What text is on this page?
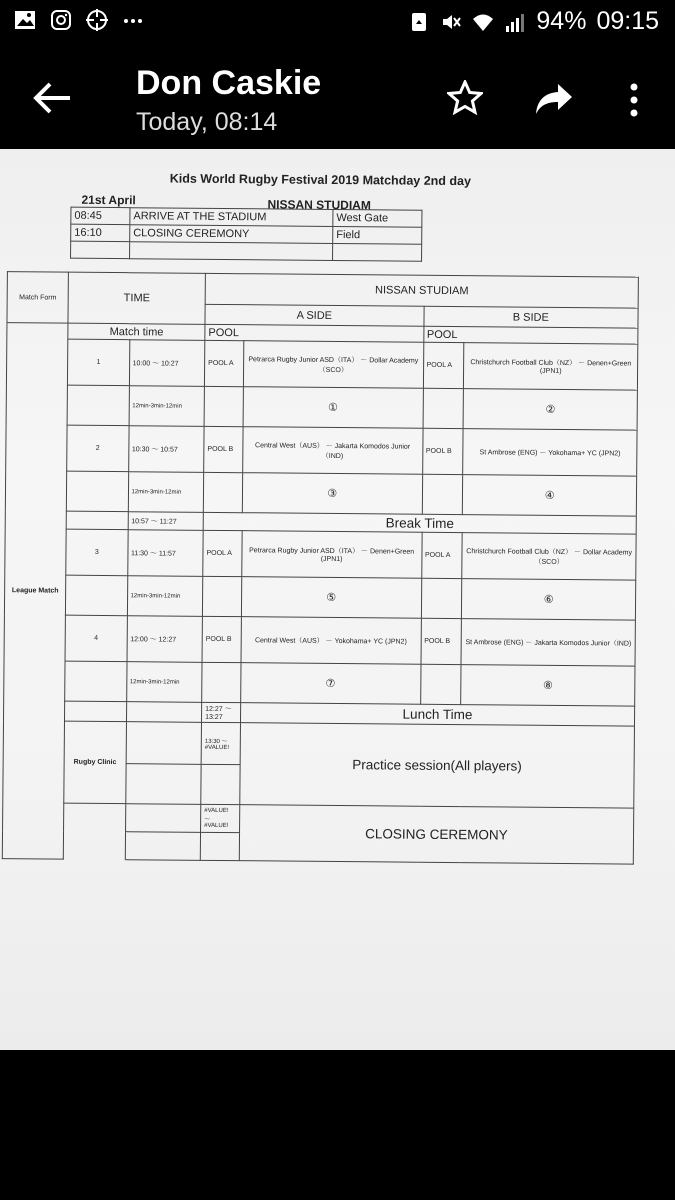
94% 09:15
Don Caskie
Today, 08:14
Kids World Rugby Festival 2019 Matchday 2nd day
21st April	NISSAN STUDIAM
08:45	ARRIVE AT THE STADIUM	West Gate
16:10	CLOSING CEREMONY	Field

Match Form	TIME		NISSAN STUDIAM			
			A SIDE		B SIDE	
League Match	Match time		POOL		POOL	
	1	10:00 ～ 10:27	POOL A	Petrarca Rugby Junior ASD（ITA） － Dollar Academy（SCO）	POOL A	Christchurch Football Club（NZ） － Denen+Green (JPN1)
		12min-3min-12min		①		②
	2	10:30 ～ 10:57	POOL B	Central West（AUS） － Jakarta Komodos Junior（IND)	POOL B	St Ambrose (ENG) － Yokohama+ YC (JPN2)
		12min-3min-12min		③		④
		10:57 ～ 11:27	Break Time			
	3	11:30 ～ 11:57	POOL A	Petrarca Rugby Junior ASD（ITA） － Denen+Green (JPN1)	POOL A	Christchurch Football Club（NZ） － Dollar Academy（SCO）
		12min-3min-12min		⑤		⑥
	4	12:00 ～ 12:27	POOL B	Central West（AUS） － Yokohama+ YC (JPN2)	POOL B	St Ambrose (ENG) － Jakarta Komodos Junior（IND)
		12min-3min-12min		⑦		⑧
			12:27 ～ 13:27	Lunch Time		
	Rugby Clinic		13:30 ～ #VALUE!	Practice session(All players)		

			#VALUE! ～ #VALUE!	CLOSING CEREMONY		
